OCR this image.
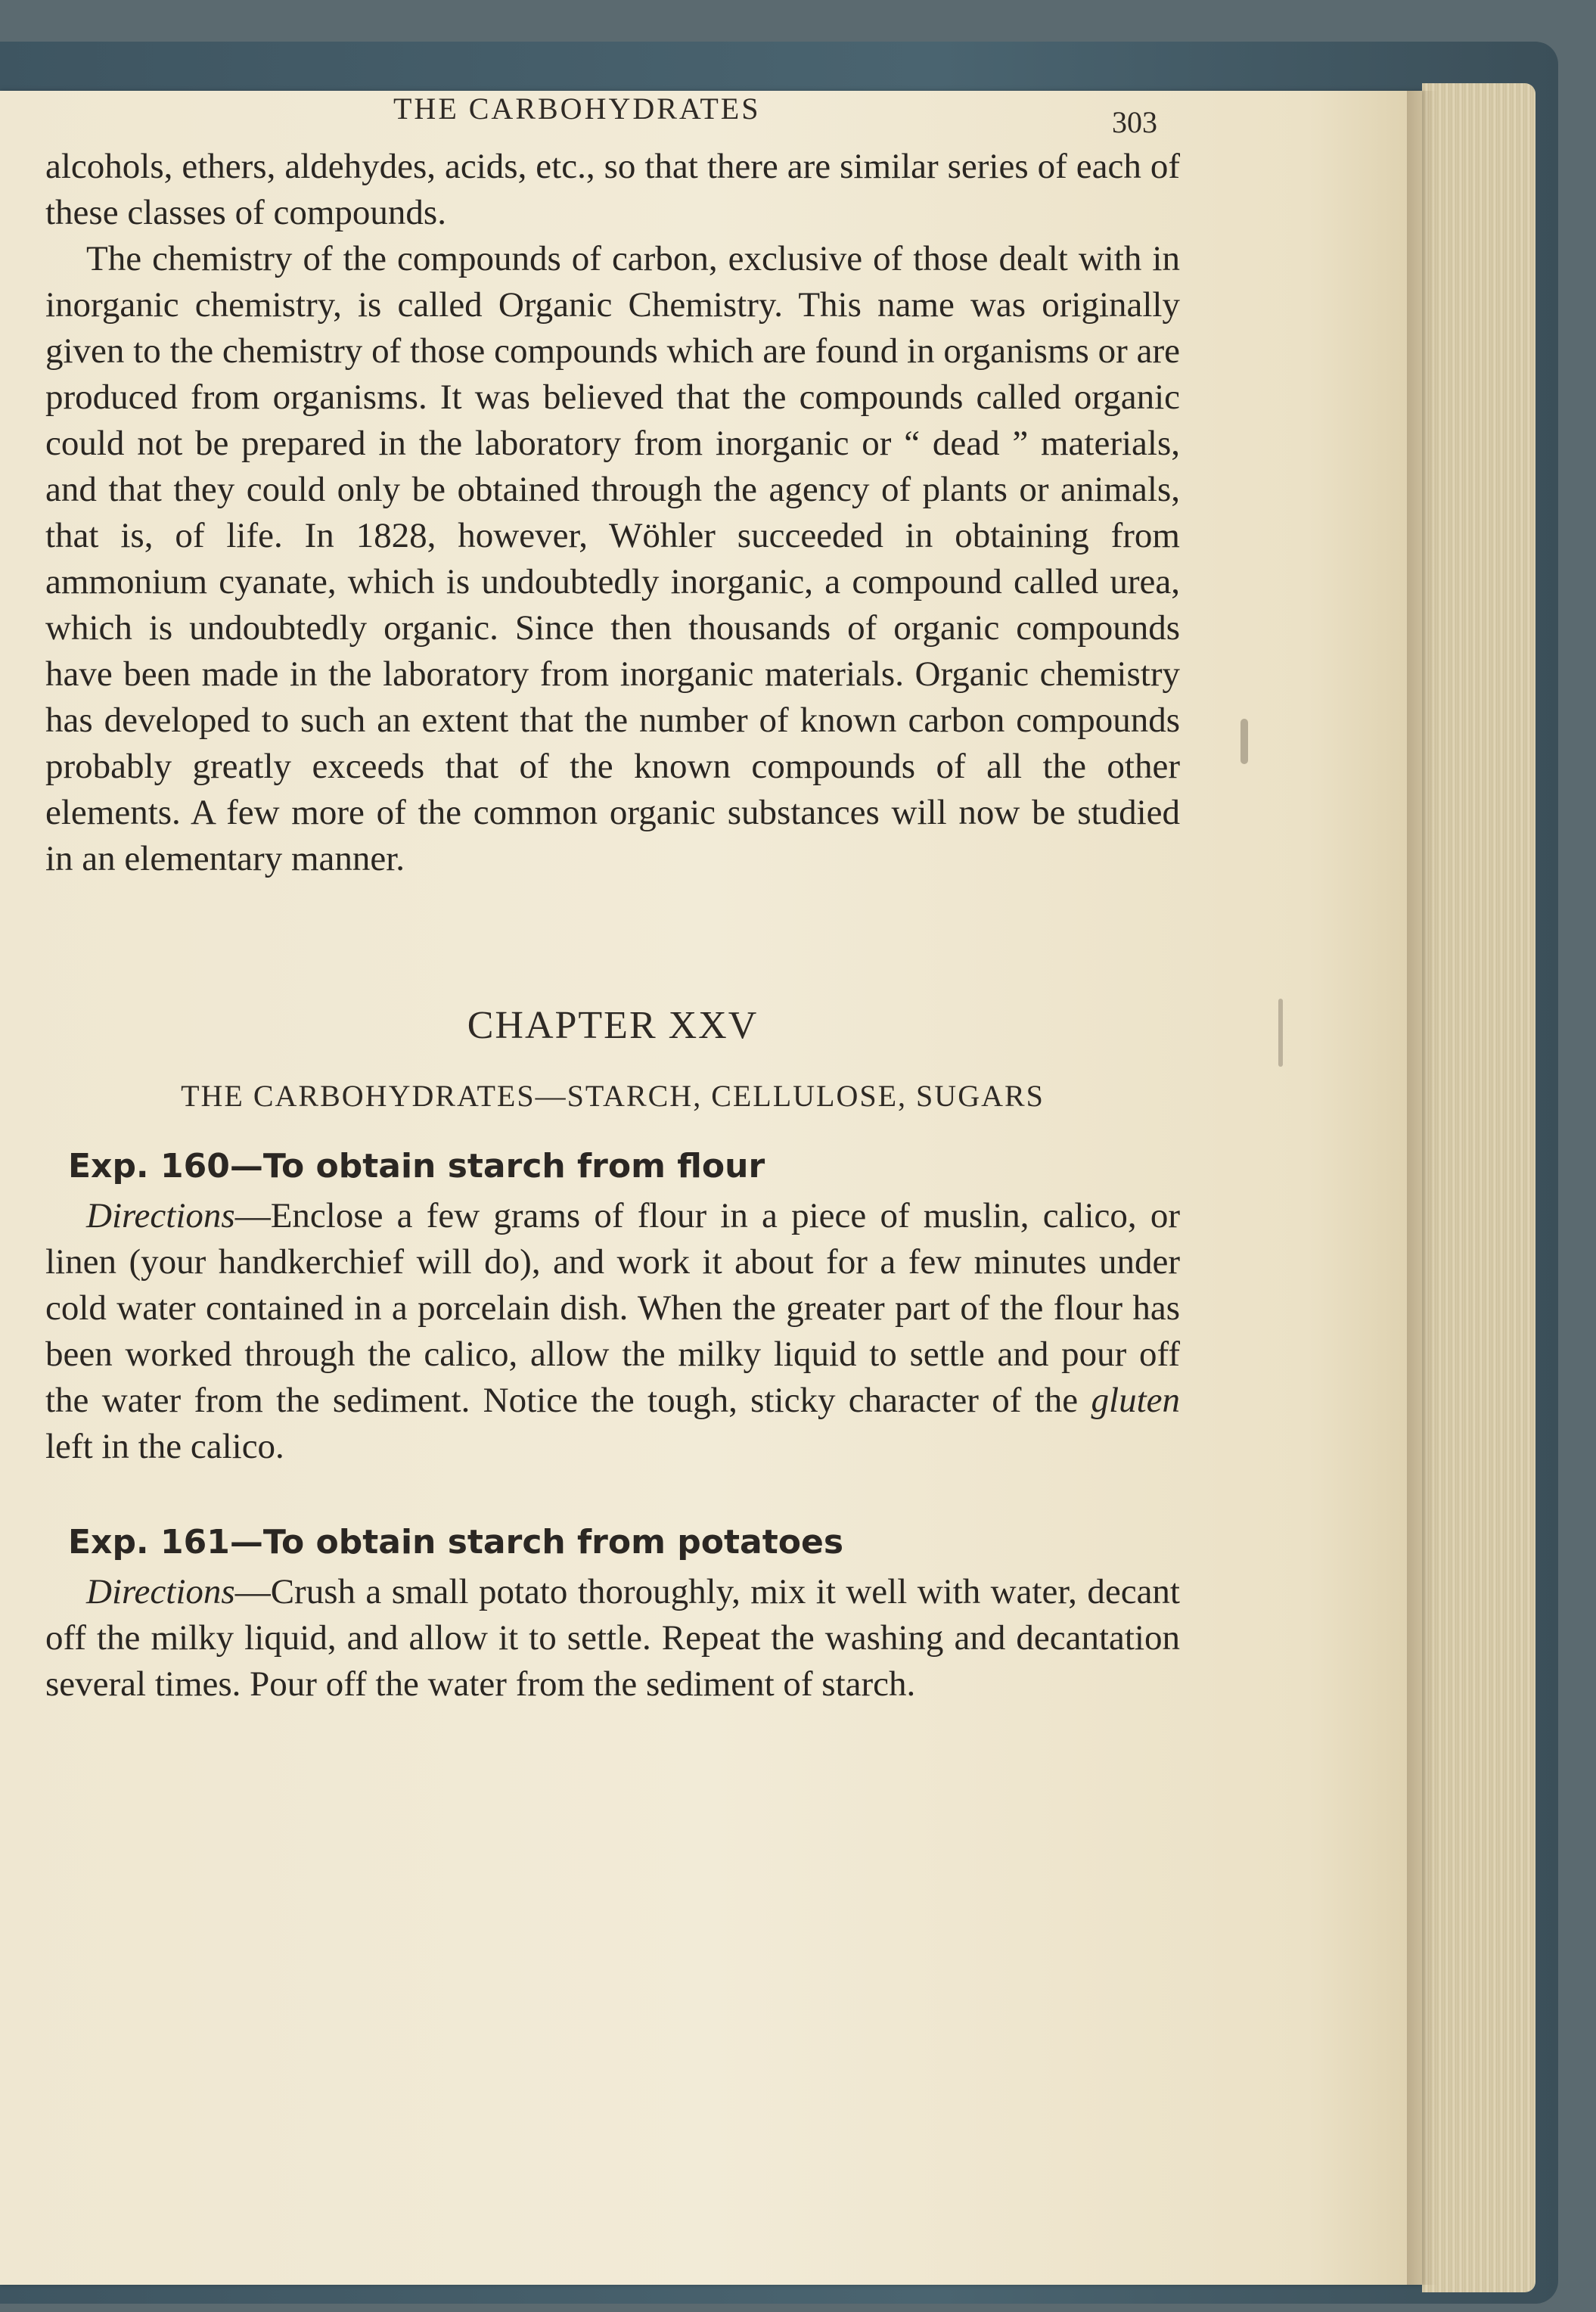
THE CARBOHYDRATES	303

alcohols, ethers, aldehydes, acids, etc., so that there are similar series of each of these classes of compounds.

The chemistry of the compounds of carbon, exclusive of those dealt with in inorganic chemistry, is called Organic Chemistry. This name was originally given to the chemistry of those compounds which are found in organisms or are produced from organisms. It was believed that the compounds called organic could not be prepared in the laboratory from inorganic or “ dead ” materials, and that they could only be obtained through the agency of plants or animals, that is, of life. In 1828, however, Wöhler succeeded in obtaining from ammonium cyanate, which is undoubtedly inorganic, a compound called urea, which is undoubtedly organic. Since then thousands of organic compounds have been made in the laboratory from inorganic materials. Organic chemistry has developed to such an extent that the number of known carbon compounds probably greatly exceeds that of the known compounds of all the other elements. A few more of the common organic substances will now be studied in an elementary manner.

CHAPTER XXV
THE CARBOHYDRATES—STARCH, CELLULOSE, SUGARS
Exp. 160—To obtain starch from flour

Directions—Enclose a few grams of flour in a piece of muslin, calico, or linen (your handkerchief will do), and work it about for a few minutes under cold water contained in a porcelain dish. When the greater part of the flour has been worked through the calico, allow the milky liquid to settle and pour off the water from the sediment. Notice the tough, sticky character of the gluten left in the calico.

Exp. 161—To obtain starch from potatoes

Directions—Crush a small potato thoroughly, mix it well with water, decant off the milky liquid, and allow it to settle. Repeat the washing and decantation several times. Pour off the water from the sediment of starch.
